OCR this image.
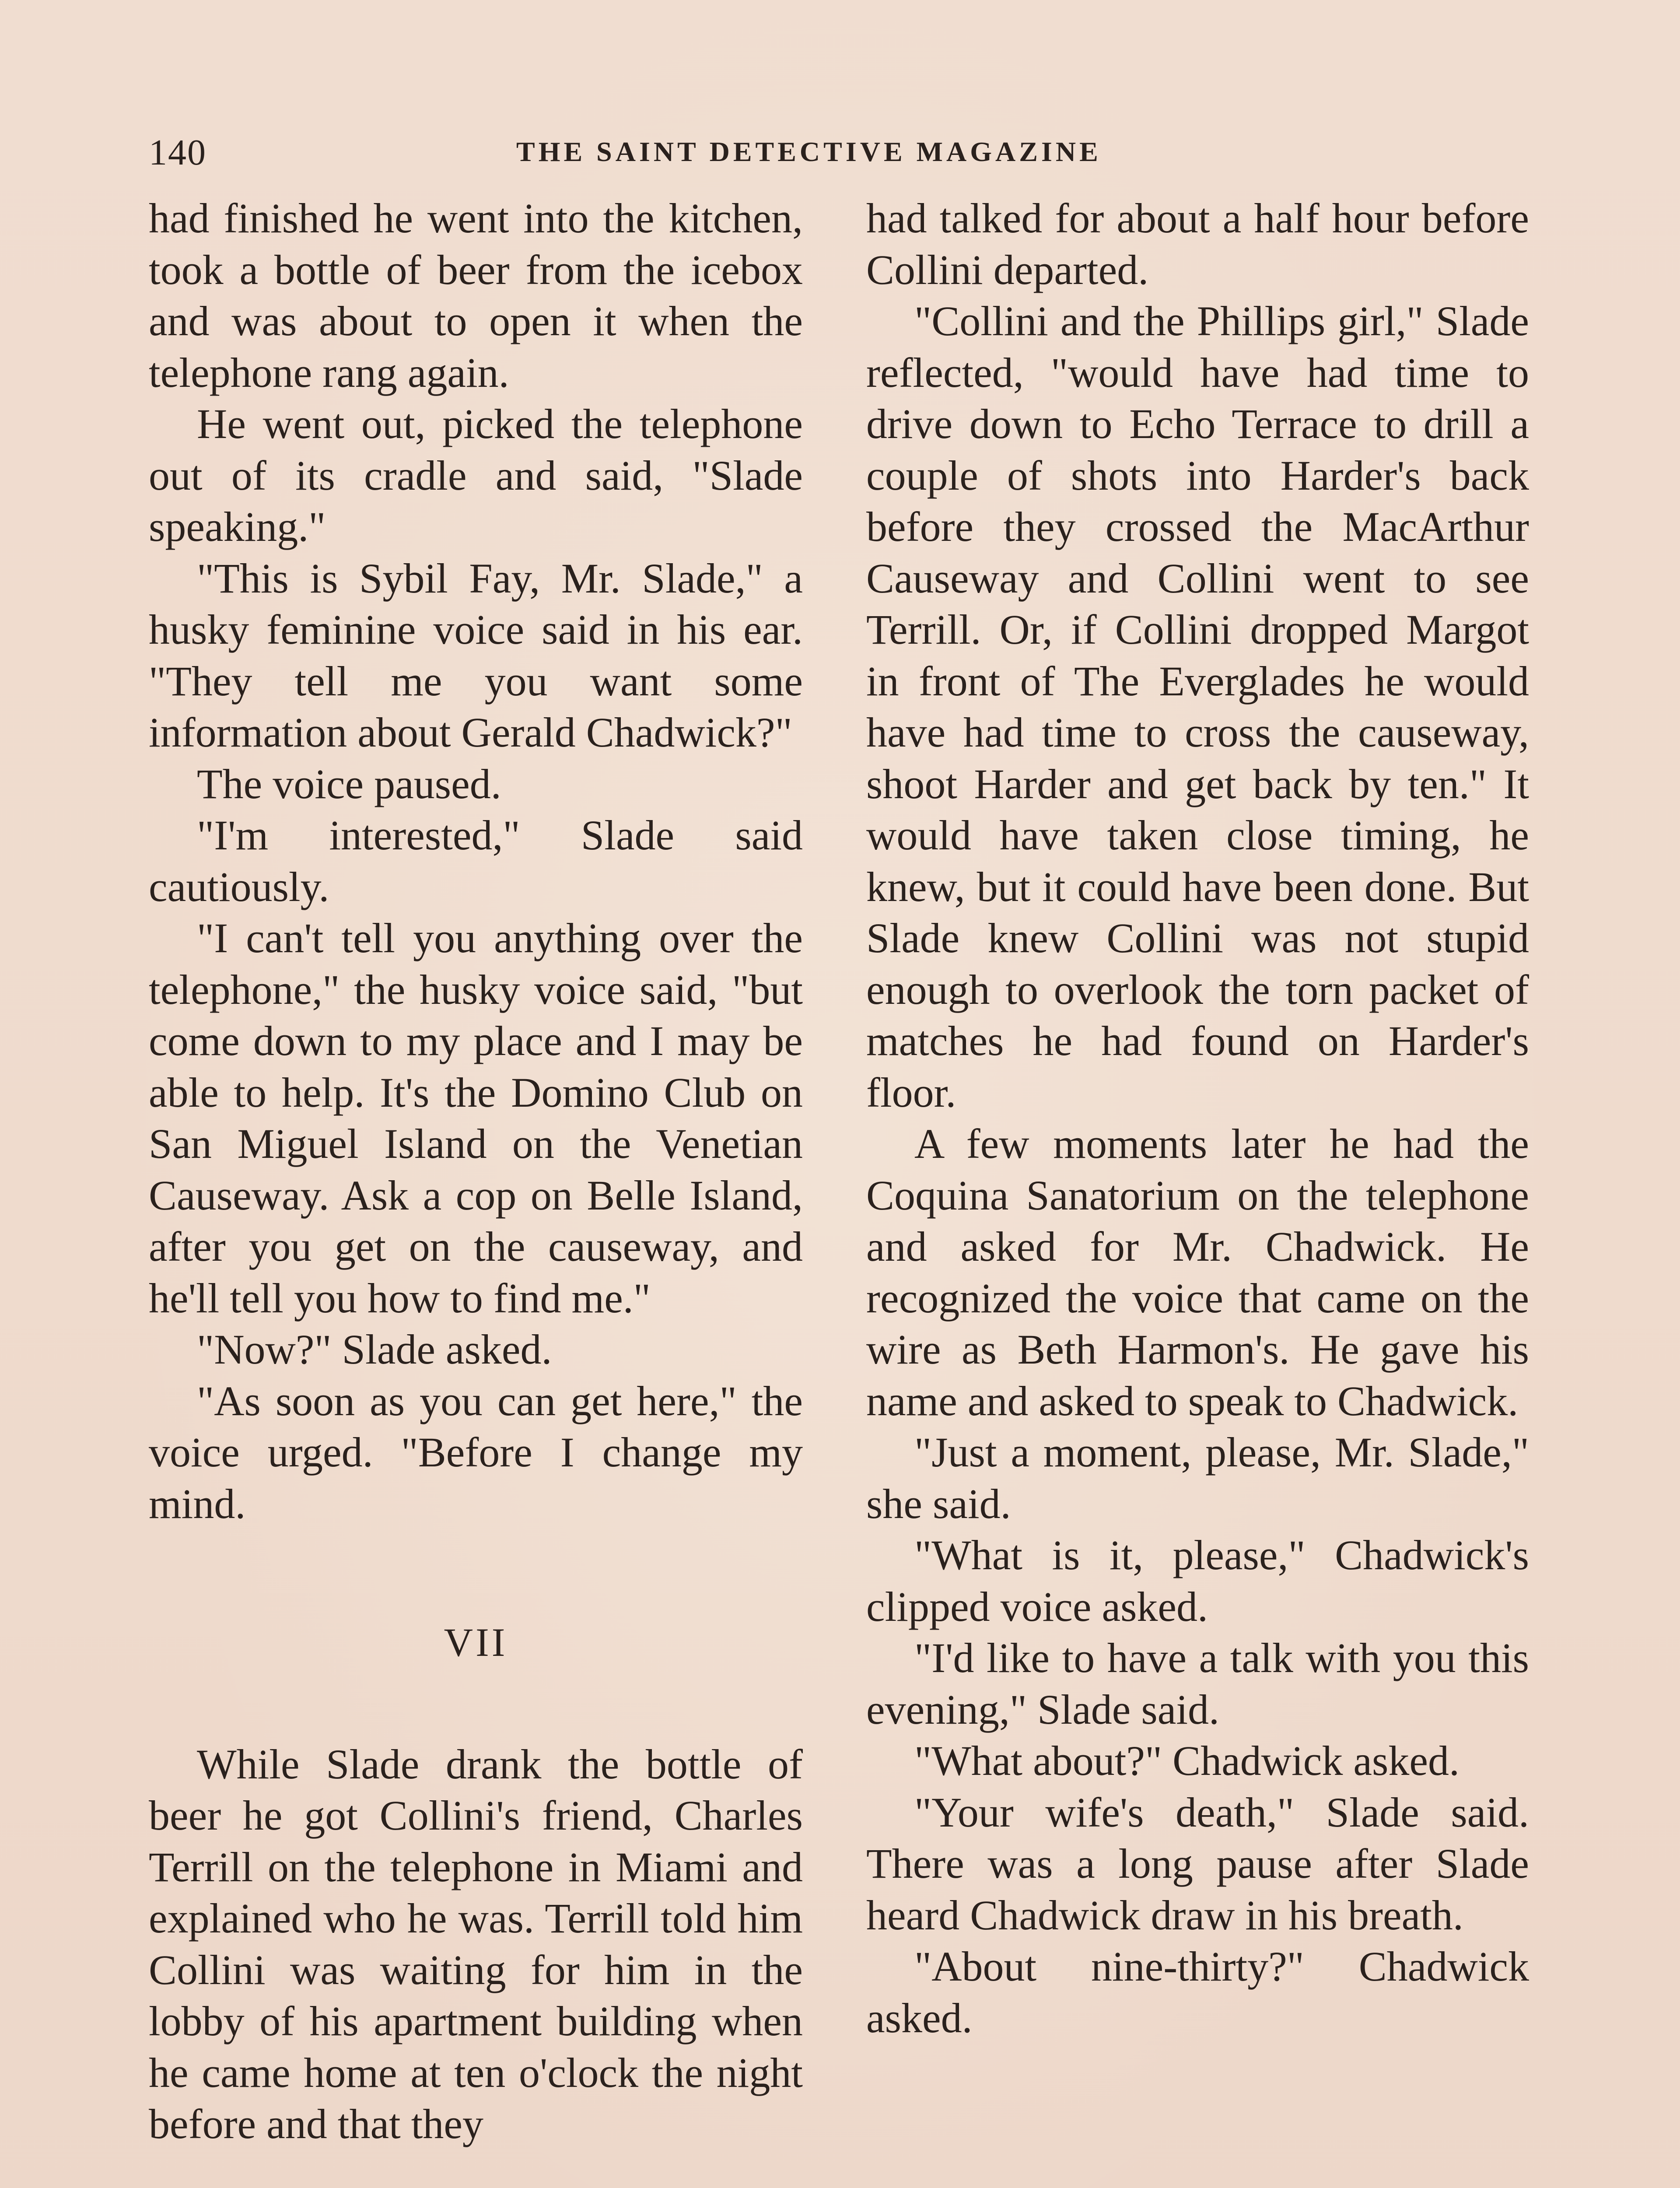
140	THE SAINT DETECTIVE MAGAZINE

had finished he went into the kitchen, took a bottle of beer from the icebox and was about to open it when the telephone rang again.

He went out, picked the telephone out of its cradle and said, "Slade speaking."

"This is Sybil Fay, Mr. Slade," a husky feminine voice said in his ear. "They tell me you want some information about Gerald Chadwick?"

The voice paused.

"I'm interested," Slade said cautiously.

"I can't tell you anything over the telephone," the husky voice said, "but come down to my place and I may be able to help. It's the Domino Club on San Miguel Island on the Venetian Causeway. Ask a cop on Belle Island, after you get on the causeway, and he'll tell you how to find me."

"Now?" Slade asked.

"As soon as you can get here," the voice urged. "Before I change my mind.

VII

While Slade drank the bottle of beer he got Collini's friend, Charles Terrill on the telephone in Miami and explained who he was. Terrill told him Collini was waiting for him in the lobby of his apartment building when he came home at ten o'clock the night before and that they

had talked for about a half hour before Collini departed.

"Collini and the Phillips girl," Slade reflected, "would have had time to drive down to Echo Terrace to drill a couple of shots into Harder's back before they crossed the MacArthur Causeway and Collini went to see Terrill. Or, if Collini dropped Margot in front of The Everglades he would have had time to cross the causeway, shoot Harder and get back by ten." It would have taken close timing, he knew, but it could have been done. But Slade knew Collini was not stupid enough to overlook the torn packet of matches he had found on Harder's floor.

A few moments later he had the Coquina Sanatorium on the telephone and asked for Mr. Chadwick. He recognized the voice that came on the wire as Beth Harmon's. He gave his name and asked to speak to Chadwick.

"Just a moment, please, Mr. Slade," she said.

"What is it, please," Chadwick's clipped voice asked.

"I'd like to have a talk with you this evening," Slade said.

"What about?" Chadwick asked.

"Your wife's death," Slade said. There was a long pause after Slade heard Chadwick draw in his breath.

"About nine-thirty?" Chadwick asked.
